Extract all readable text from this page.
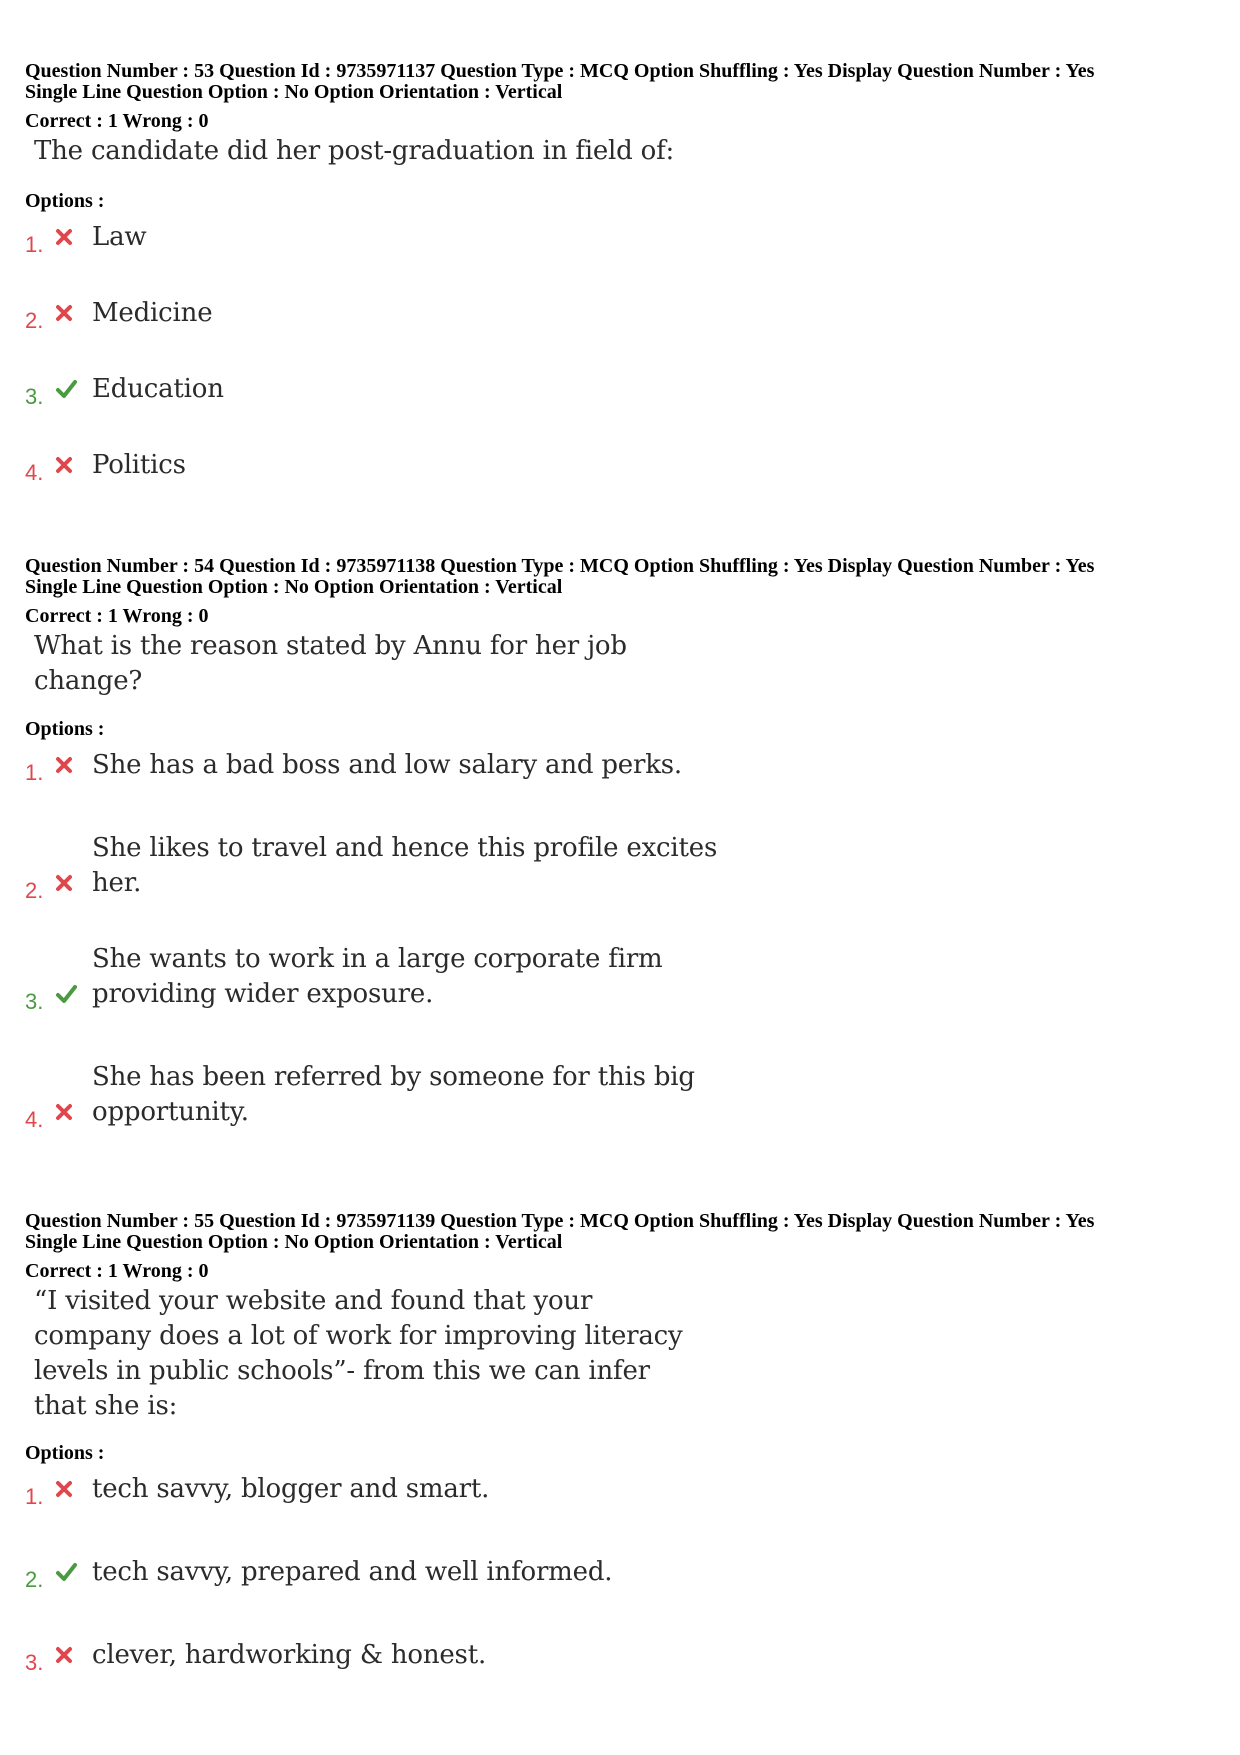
Question Number : 53 Question Id : 9735971137 Question Type : MCQ Option Shuffling : Yes Display Question Number : Yes
Single Line Question Option : No Option Orientation : Vertical
Correct : 1 Wrong : 0
The candidate did her post-graduation in field of:
Options :
1. Law
2. Medicine
3. Education
4. Politics
Question Number : 54 Question Id : 9735971138 Question Type : MCQ Option Shuffling : Yes Display Question Number : Yes
Single Line Question Option : No Option Orientation : Vertical
Correct : 1 Wrong : 0
What is the reason stated by Annu for her job
change?
Options :
1. She has a bad boss and low salary and perks.
2.
She likes to travel and hence this profile excites
her.
3.
She wants to work in a large corporate firm
providing wider exposure.
4.
She has been referred by someone for this big
opportunity.
Question Number : 55 Question Id : 9735971139 Question Type : MCQ Option Shuffling : Yes Display Question Number : Yes
Single Line Question Option : No Option Orientation : Vertical
Correct : 1 Wrong : 0
“I visited your website and found that your
company does a lot of work for improving literacy
levels in public schools”- from this we can infer
that she is:
Options :
1. tech savvy, blogger and smart.
2. tech savvy, prepared and well informed.
3. clever, hardworking & honest.
